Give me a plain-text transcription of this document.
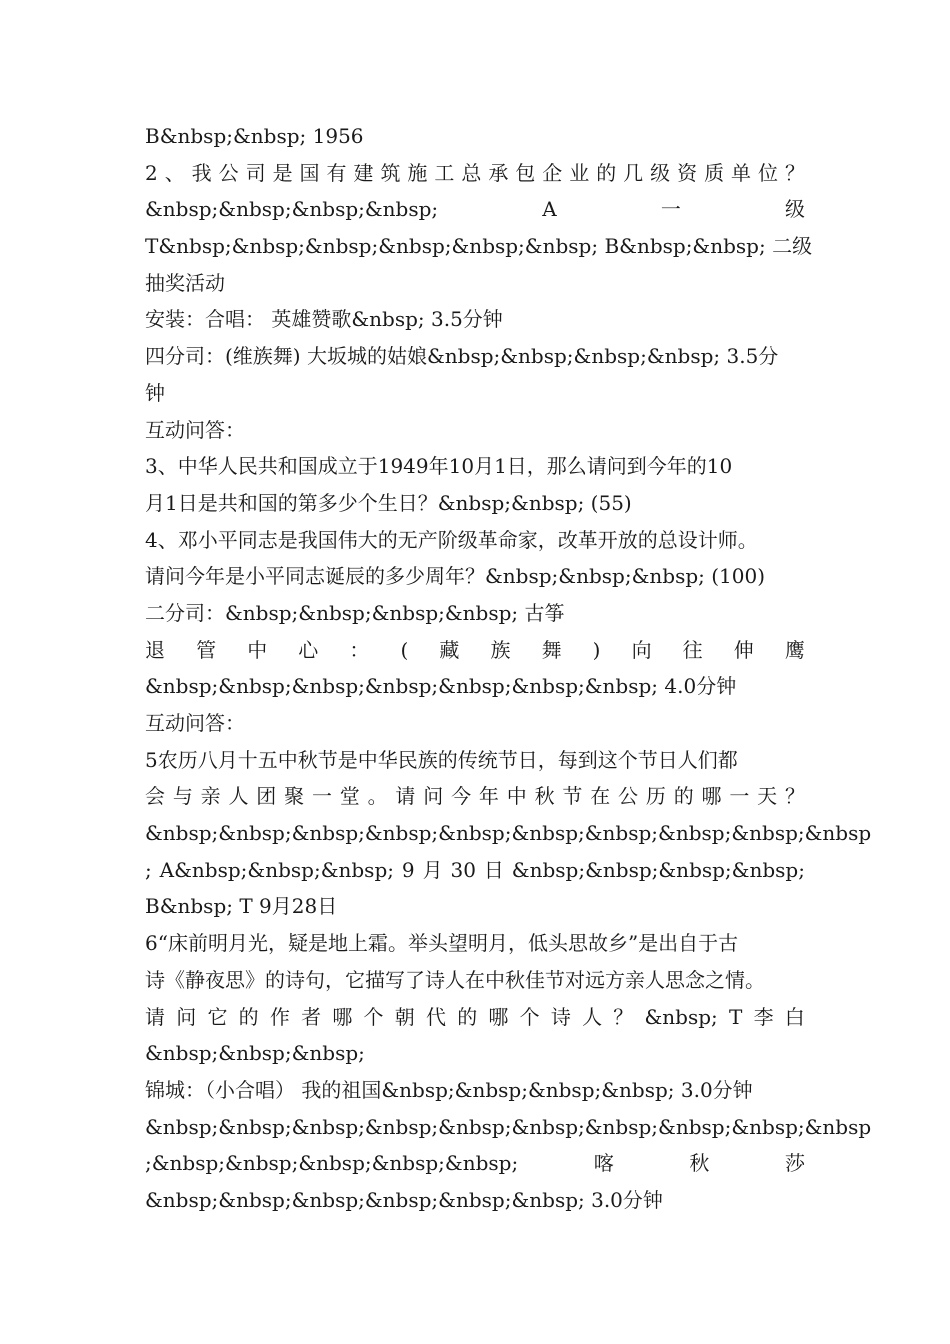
B&nbsp;&nbsp; 1956
2、我公司是国有建筑施工总承包企业的几级资质单位？
&nbsp;&nbsp;&nbsp;&nbsp;	A	一	级
T&nbsp;&nbsp;&nbsp;&nbsp;&nbsp;&nbsp; B&nbsp;&nbsp; 二级
抽奖活动
安装：合唱： 英雄赞歌&nbsp; 3.5分钟
四分司：(维族舞) 大坂城的姑娘&nbsp;&nbsp;&nbsp;&nbsp; 3.5分
钟
互动问答：
3、中华人民共和国成立于1949年10月1日，那么请问到今年的10
月1日是共和国的第多少个生日？&nbsp;&nbsp; (55)
4、邓小平同志是我国伟大的无产阶级革命家，改革开放的总设计师。
请问今年是小平同志诞辰的多少周年？&nbsp;&nbsp;&nbsp; (100)
二分司：&nbsp;&nbsp;&nbsp;&nbsp; 古筝
退 管 中 心 ： ( 藏 族 舞 ) 向 往 伸 鹰
&nbsp;&nbsp;&nbsp;&nbsp;&nbsp;&nbsp;&nbsp; 4.0分钟
互动问答：
5农历八月十五中秋节是中华民族的传统节日，每到这个节日人们都
会与亲人团聚一堂。请问今年中秋节在公历的哪一天？
&nbsp;&nbsp;&nbsp;&nbsp;&nbsp;&nbsp;&nbsp;&nbsp;&nbsp;&nbsp
; A&nbsp;&nbsp;&nbsp; 9 月 30 日 &nbsp;&nbsp;&nbsp;&nbsp;
B&nbsp; T 9月28日
6“床前明月光，疑是地上霜。举头望明月，低头思故乡”是出自于古
诗《静夜思》的诗句，它描写了诗人在中秋佳节对远方亲人思念之情。
请 问 它 的 作 者 哪 个 朝 代 的 哪 个 诗 人 ？ &nbsp; T 李 白
&nbsp;&nbsp;&nbsp;
锦城：（小合唱） 我的祖国&nbsp;&nbsp;&nbsp;&nbsp; 3.0分钟
&nbsp;&nbsp;&nbsp;&nbsp;&nbsp;&nbsp;&nbsp;&nbsp;&nbsp;&nbsp
;&nbsp;&nbsp;&nbsp;&nbsp;&nbsp;	喀	秋	莎
&nbsp;&nbsp;&nbsp;&nbsp;&nbsp;&nbsp; 3.0分钟
